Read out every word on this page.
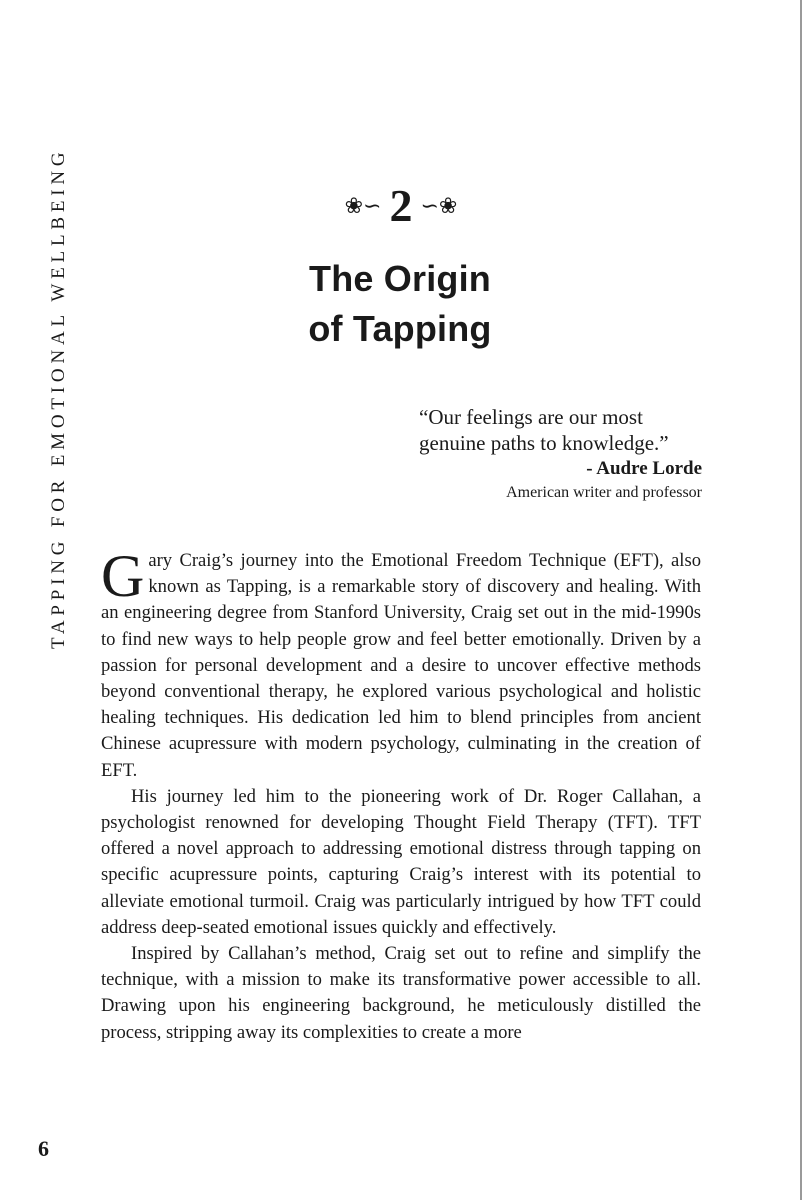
TAPPING FOR EMOTIONAL WELLBEING	❀∽ 2 ∽❀
The Origin
of Tapping
“Our feelings are our most
genuine paths to knowledge.”
- Audre Lorde
American writer and professor

Gary Craig’s journey into the Emotional Freedom Technique (EFT), also known as Tapping, is a remarkable story of discovery and healing. With an engineering degree from Stanford University, Craig set out in the mid-1990s to find new ways to help people grow and feel better emotionally. Driven by a passion for personal development and a desire to uncover effective methods beyond conventional therapy, he explored various psychological and holistic healing techniques. His dedication led him to blend principles from ancient Chinese acupressure with modern psychology, culminating in the creation of EFT.

His journey led him to the pioneering work of Dr. Roger Callahan, a psychologist renowned for developing Thought Field Therapy (TFT). TFT offered a novel approach to addressing emotional distress through tapping on specific acupressure points, capturing Craig’s interest with its potential to alleviate emotional turmoil. Craig was particularly intrigued by how TFT could address deep-seated emotional issues quickly and effectively.

Inspired by Callahan’s method, Craig set out to refine and simplify the technique, with a mission to make its transformative power accessible to all. Drawing upon his engineering background, he meticulously distilled the process, stripping away its complexities to create a more

6
